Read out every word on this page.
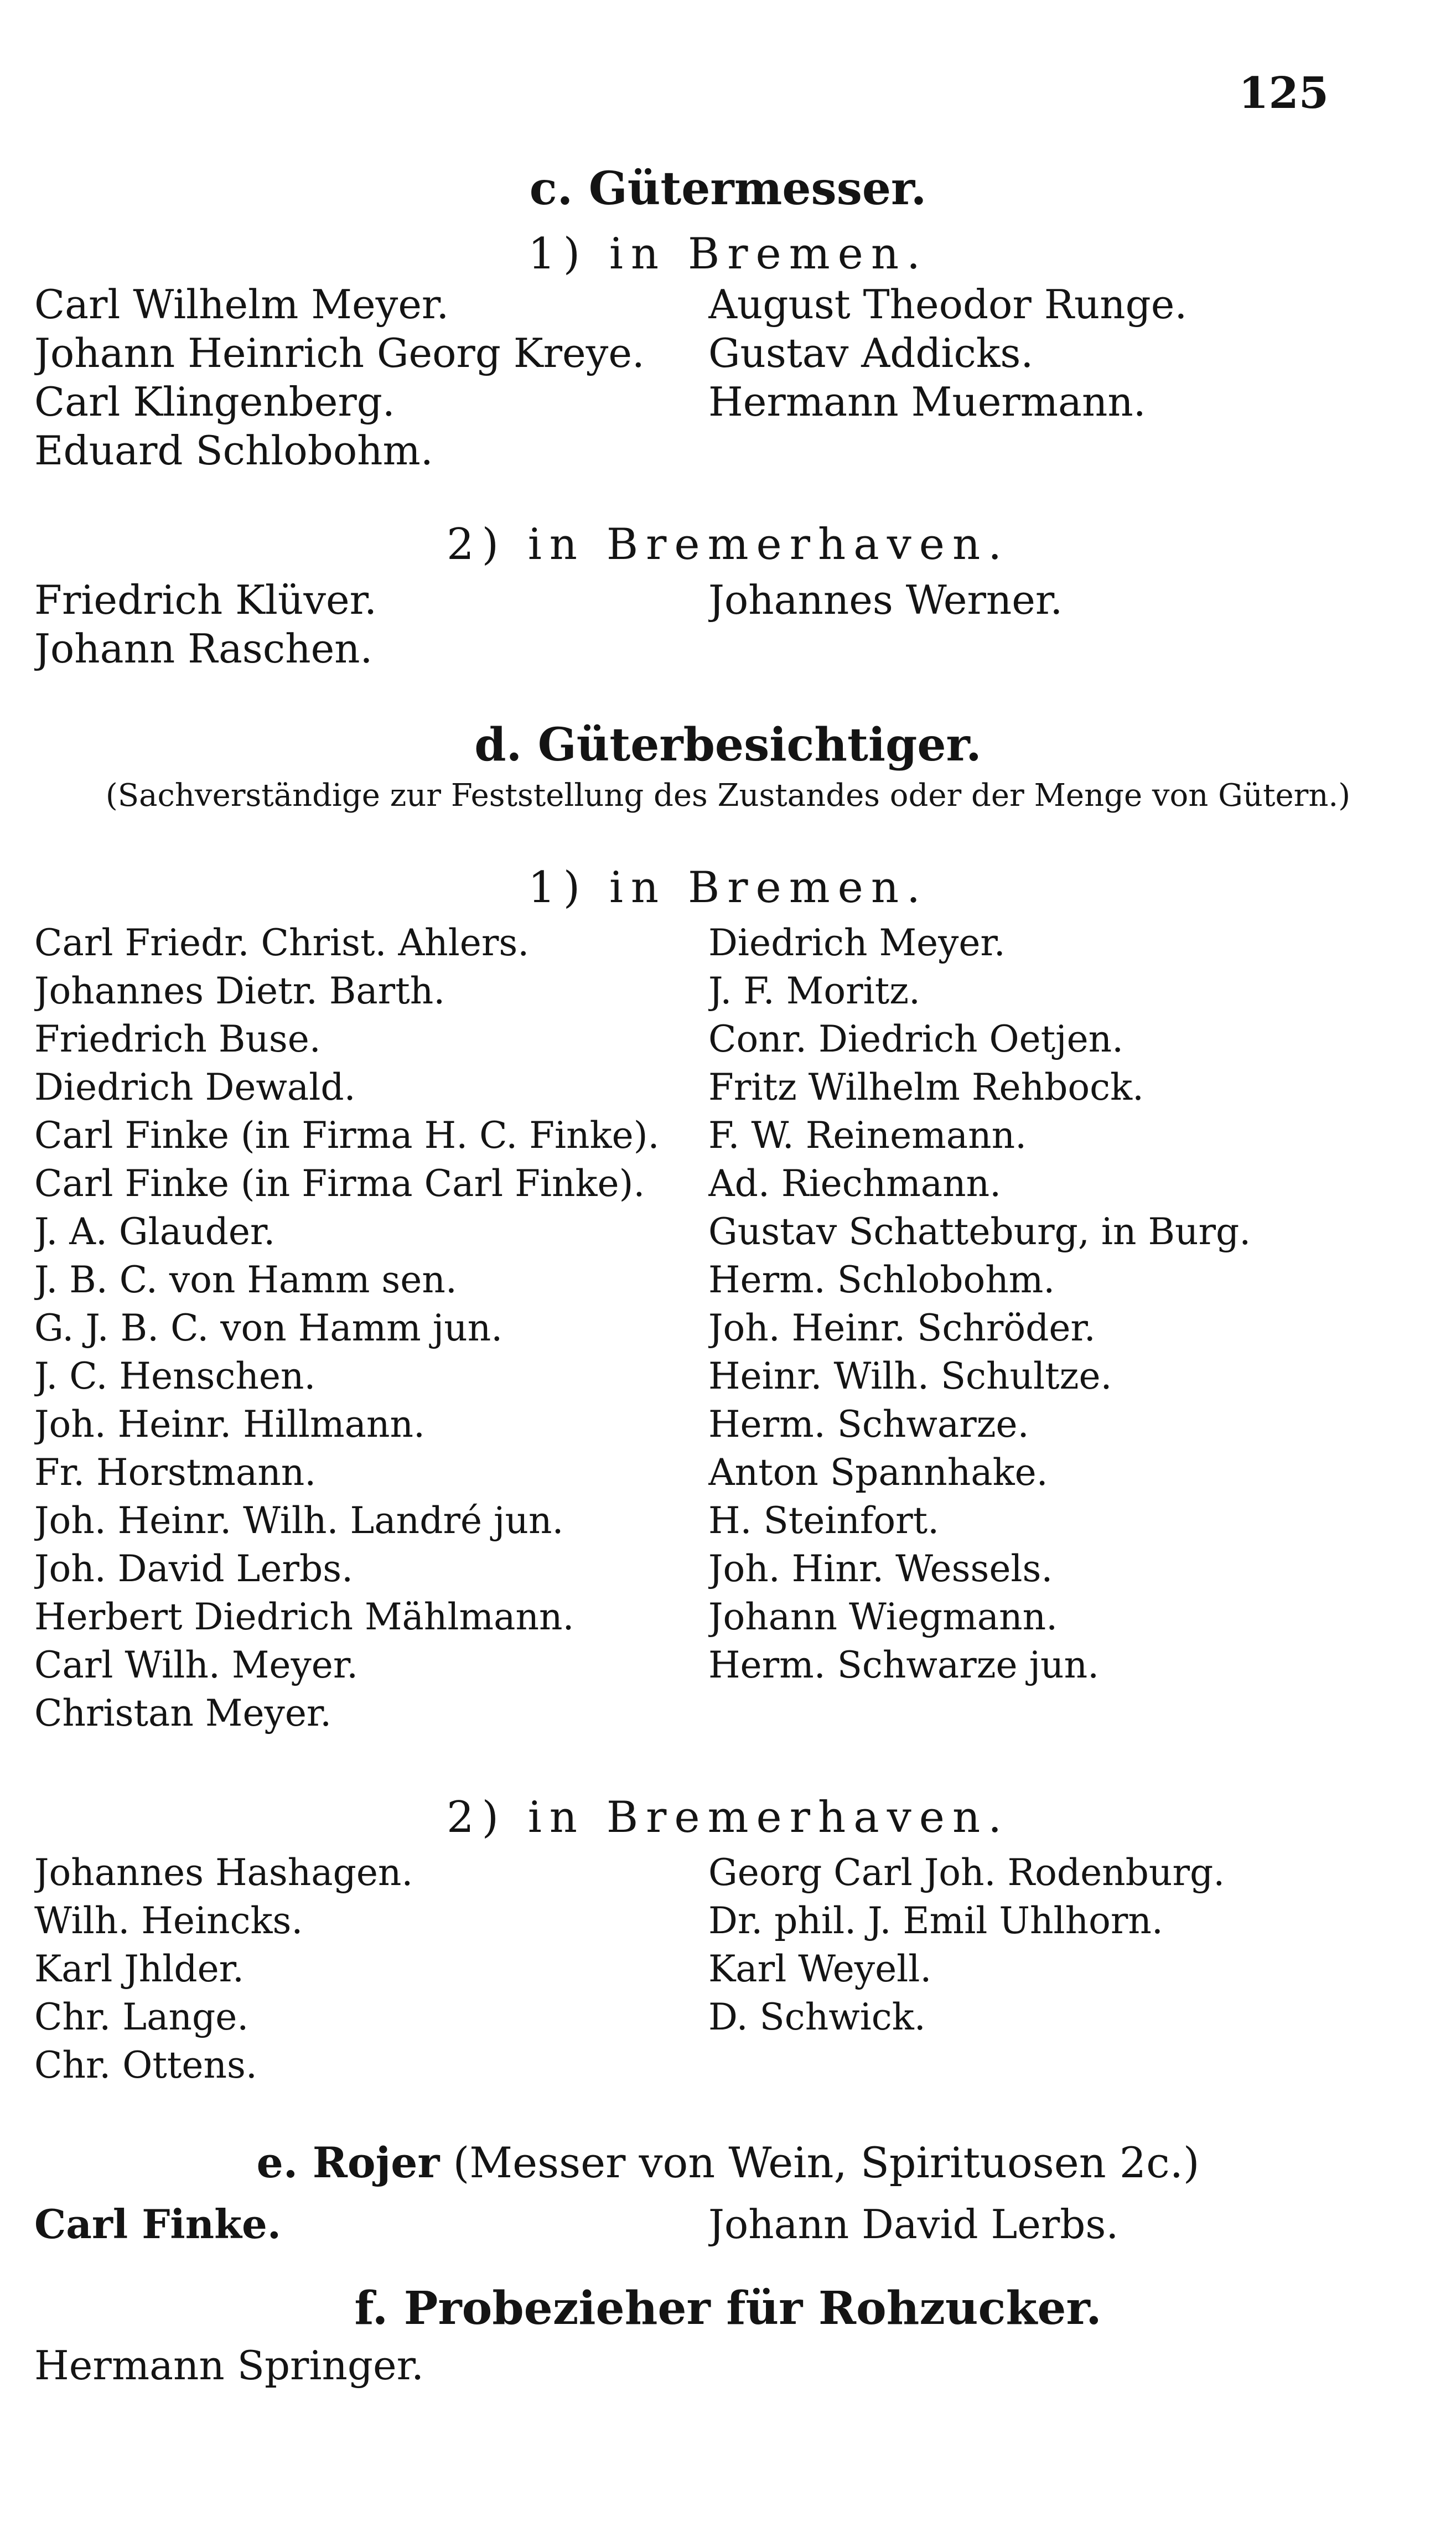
125
c. Gütermesser.
1) in Bremen.
Carl Wilhelm Meyer.
Johann Heinrich Georg Kreye.
Carl Klingenberg.
Eduard Schlobohm.
August Theodor Runge.
Gustav Addicks.
Hermann Muermann.
2) in Bremerhaven.
Friedrich Klüver.
Johann Raschen.
Johannes Werner.
d. Güterbesichtiger.
(Sachverständige zur Feststellung des Zustandes oder der Menge von Gütern.)
1) in Bremen.
Carl Friedr. Christ. Ahlers.
Johannes Dietr. Barth.
Friedrich Buse.
Diedrich Dewald.
Carl Finke (in Firma H. C. Finke).
Carl Finke (in Firma Carl Finke).
J. A. Glauder.
J. B. C. von Hamm sen.
G. J. B. C. von Hamm jun.
J. C. Henschen.
Joh. Heinr. Hillmann.
Fr. Horstmann.
Joh. Heinr. Wilh. Landré jun.
Joh. David Lerbs.
Herbert Diedrich Mählmann.
Carl Wilh. Meyer.
Christan Meyer.
Diedrich Meyer.
J. F. Moritz.
Conr. Diedrich Oetjen.
Fritz Wilhelm Rehbock.
F. W. Reinemann.
Ad. Riechmann.
Gustav Schatteburg, in Burg.
Herm. Schlobohm.
Joh. Heinr. Schröder.
Heinr. Wilh. Schultze.
Herm. Schwarze.
Anton Spannhake.
H. Steinfort.
Joh. Hinr. Wessels.
Johann Wiegmann.
Herm. Schwarze jun.
2) in Bremerhaven.
Johannes Hashagen.
Wilh. Heincks.
Karl Jhlder.
Chr. Lange.
Chr. Ottens.
Georg Carl Joh. Rodenburg.
Dr. phil. J. Emil Uhlhorn.
Karl Weyell.
D. Schwick.
e. Rojer (Messer von Wein, Spirituosen 2c.)
Carl Finke.	Johann David Lerbs.
f. Probezieher für Rohzucker.
Hermann Springer.
